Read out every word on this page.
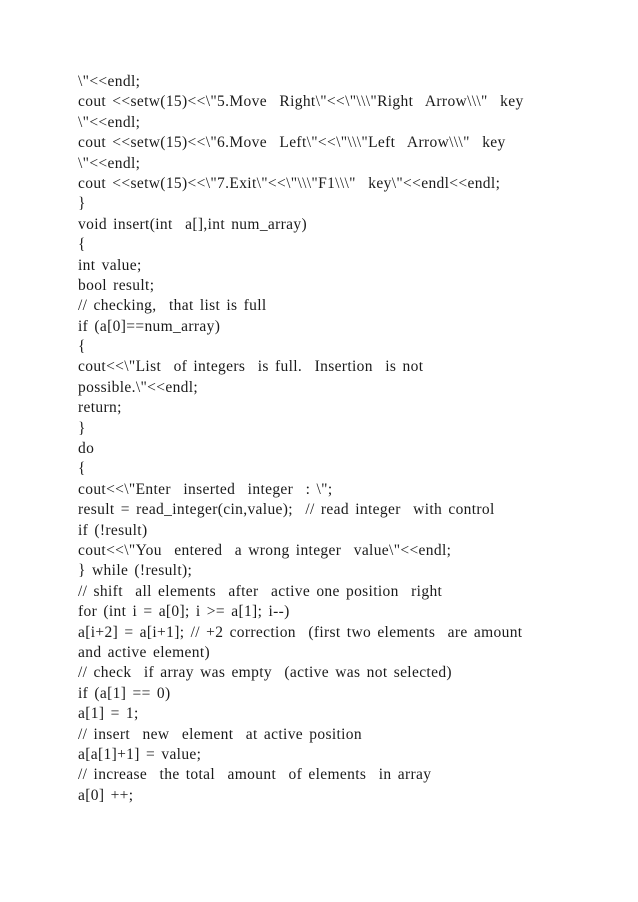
\"<<endl;
cout <<setw(15)<<\"5.Move  Right\"<<\"\\\"Right  Arrow\\\"  key
\"<<endl;
cout <<setw(15)<<\"6.Move  Left\"<<\"\\\"Left  Arrow\\\"  key
\"<<endl;
cout <<setw(15)<<\"7.Exit\"<<\"\\\"F1\\\"  key\"<<endl<<endl;
}
void insert(int  a[],int num_array)
{
int value;
bool result;
// checking,  that list is full
if (a[0]==num_array)
{
cout<<\"List  of integers  is full.  Insertion  is not
possible.\"<<endl;
return;
}
do
{
cout<<\"Enter  inserted  integer  : \";
result = read_integer(cin,value);  // read integer  with control
if (!result)
cout<<\"You  entered  a wrong integer  value\"<<endl;
} while (!result);
// shift  all elements  after  active one position  right
for (int i = a[0]; i >= a[1]; i--)
a[i+2] = a[i+1]; // +2 correction  (first two elements  are amount
and active element)
// check  if array was empty  (active was not selected)
if (a[1] == 0)
a[1] = 1;
// insert  new  element  at active position
a[a[1]+1] = value;
// increase  the total  amount  of elements  in array
a[0] ++;
